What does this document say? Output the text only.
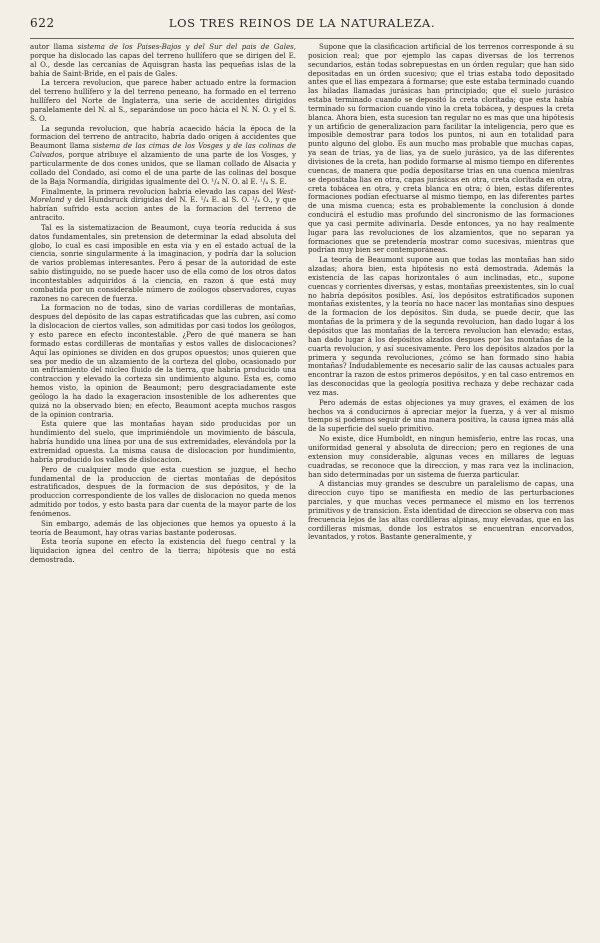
622	LOS TRES REINOS DE LA NATURALEZA.

autor llama sistema de los Paises-Bajos y del Sur del pais de Gales, porque ha dislocado las capas del terreno hullífero que se dirigen del E. al O., desde las cercanías de Aquisgran hasta las pequeñas islas de la bahía de Saint-Bride, en el pais de Gales.

La tercera revolucion, que parece haber actuado entre la formacion del terreno hullífero y la del terreno peneano, ha formado en el terreno hullífero del Norte de Inglaterra, una serie de accidentes dirigidos paralelamente del N. al S., separándose un poco hácia el N. N. O. y el S. S. O.

La segunda revolucion, que habría acaecido hácia la época de la formacion del terreno de antracito, habría dado orígen á accidentes que Beaumont llama sistema de las cimas de los Vosges y de las colinas de Calvados, porque atribuye el alzamiento de una parte de los Vosges, y particularmente de dos cones unidos, que se llaman collado de Alsacia y collado del Condado, así como el de una parte de las colinas del bosque de la Baja Normandía, dirigidas igualmente del O. ¹/₄ N. O. al E. ¹/₄ S. E.

Finalmente, la primera revolucion habria elevado las capas del West-Moreland y del Hundsruck dirigidas del N. E. ¹/₄ E. al S. O. ¹/₄ O., y que habrían sufrido esta accion antes de la formacion del terreno de antracito.

Tal es la sistematizacion de Beaumont, cuya teoría reducida á sus datos fundamentales, sin pretension de determinar la edad absoluta del globo, lo cual es casi imposible en esta via y en el estado actual de la ciencia, sonrie singularmente á la imaginacion, y podría dar la solucion de varios problemas interesantes. Pero á pesar de la autoridad de este sabio distinguido, no se puede hacer uso de ella como de los otros datos incontestables adquiridos á la ciencia, en razon á que está muy combatida por un considerable número de zoólogos observadores, cuyas razones no carecen de fuerza.

La formacion no de todas, sino de varias cordilleras de montañas, despues del depósito de las capas estratificadas que las cubren, así como la dislocacion de ciertos valles, son admitidas por casi todos los geólogos, y esto parece en efecto incontestable. ¿Pero de qué manera se han formado estas cordilleras de montañas y estos valles de dislocaciones? Aquí las opiniones se dividen en dos grupos opuestos; unos quieren que sea por medio de un alzamiento de la corteza del globo, ocasionado por un enfriamiento del núcleo fluido de la tierra, que habría producido una contraccion y elevado la corteza sin undimiento alguno. Esta es, como hemos visto, la opinion de Beaumont; pero desgraciadamente este geólogo la ha dado la exageracion insostenible de los adherentes que quizá no la observado bien; en efecto, Beaumont acepta muchos rasgos de la opinion contraria.

Esta quiere que las montañas hayan sido producidas por un hundimiento del suelo, que imprimiéndole un movimiento de báscula, habría hundido una línea por una de sus extremidades, elevándola por la extremidad opuesta. La misma causa de dislocacion por hundimiento, habría producido los valles de dislocacion.

Pero de cualquier modo que esta cuestion se juzgue, el hecho fundamental de la produccion de ciertas montañas de depósitos estratificados, despues de la formacion de sus depósitos, y de la produccion correspondiente de los valles de dislocacion no queda menos admitido por todos, y esto basta para dar cuenta de la mayor parte de los fenómenos.

Sin embargo, además de las objeciones que hemos ya opuesto á la teoría de Beaumont, hay otras varias bastante poderosas.

Esta teoría supone en efecto la existencia del fuego central y la liquidacion ígnea del centro de la tierra; hipótesis que no está demostrada.

Supone que la clasificacion artificial de los terrenos corresponde á su posicion real; que por ejemplo las capas diversas de los terrenos secundarios, están todas sobrepuestas en un órden regular; que han sido depositadas en un órden sucesivo; que el trias estaba todo depositado antes que el lias empezara á formarse; que este estaba terminado cuando las hiladas llamadas jurásicas han principiado; que el suelo jurásico estaba terminado cuando se depositó la creta clorítada; que esta había terminado su formacion cuando vino la creta tobácea, y despues la creta blanca. Ahora bien, esta sucesion tan regular no es mas que una hipótesis y un artificio de generalizacion para facilitar la inteligencia, pero que es imposible demostrar para todos los puntos, ni aun en totalidad para punto alguno del globo. Es aun mucho mas probable que muchas capas, ya sean de trias, ya de lias, ya de suelo jurásico, ya de las diferentes divisiones de la creta, han podido formarse al mismo tiempo en diferentes cuencas, de manera que podía depositarse trias en una cuenca mientras se depositaba lias en otra, capas jurásicas en otra, creta clorítada en otra, creta tobácea en otra, y creta blanca en otra; ó bien, estas diferentes formaciones podían efectuarse al mismo tiempo, en las diferentes partes de una misma cuenca; esta es probablemente la conclusion á donde conducirá el estudio mas profundo del sincronismo de las formaciones que ya casi permite adivinarla. Desde entonces, ya no hay realmente lugar para las revoluciones de los alzamientos, que no separan ya formaciones que se pretendería mostrar como sucesivas, mientras que podrían muy bien ser contemporáneas.

La teoría de Beaumont supone aun que todas las montañas han sido alzadas; ahora bien, esta hipótesis no está demostrada. Además la existencia de las capas horizontales ó aun inclinadas, etc., supone cuencas y corrientes diversas, y estas, montañas preexistentes, sin lo cual no habría depósitos posibles. Así, los depósitos estratificados suponen montañas existentes, y la teoría no hace nacer las montañas sino despues de la formacion de los depósitos. Sin duda, se puede decir, que las montañas de la primera y de la segunda revolucion, han dado lugar á los depósitos que las montañas de la tercera revolucion han elevado; estas, han dado lugar á los depósitos alzados despues por las montañas de la cuarta revolucion, y así sucesivamente. Pero los depósitos alzados por la primera y segunda revoluciones, ¿cómo se han formado sino habia montañas? Indudablemente es necesario salir de las causas actuales para encontrar la razon de estos primeros depósitos, y en tal caso entremos en las desconocidas que la geología positiva rechaza y debe rechazar cada vez mas.

Pero además de estas objeciones ya muy graves, el exámen de los hechos va á conducirnos á apreciar mejor la fuerza, y á ver al mismo tiempo si podemos seguir de una manera positiva, la causa ígnea más allá de la superficie del suelo primitivo.

No existe, dice Humboldt, en ningun hemisferio, entre las rocas, una uniformidad general y absoluta de direccion; pero en regiones de una extension muy considerable, algunas veces en millares de leguas cuadradas, se reconoce que la direccion, y mas rara vez la inclinacion, han sido determinadas por un sistema de fuerza particular.

A distancias muy grandes se descubre un paralelismo de capas, una direccion cuyo tipo se manifiesta en medio de las perturbaciones parciales, y que muchas veces permanece el mismo en los terrenos primitivos y de transicion. Esta identidad de direccion se observa con mas frecuencia lejos de las altas cordilleras alpinas, muy elevadas, que en las cordilleras mismas, donde los estratos se encuentran encorvados, levantados, y rotos. Bastante generalmente, y
